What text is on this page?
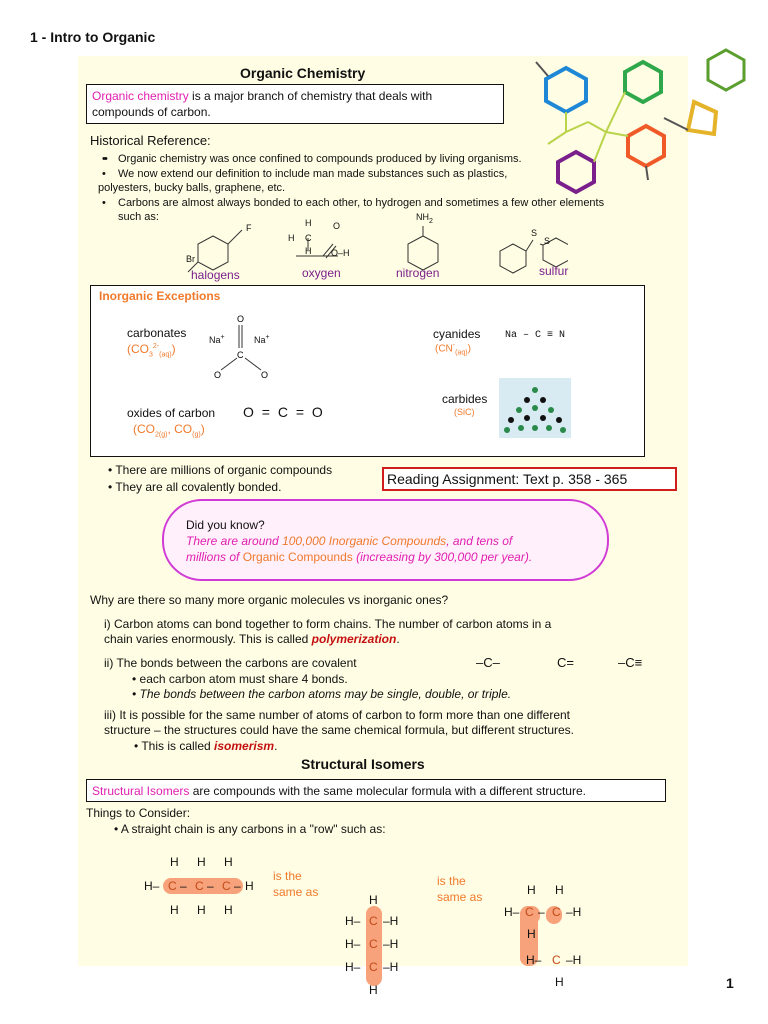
1 - Intro to Organic
1
Organic Chemistry
Organic chemistry is a major branch of chemistry that deals with
compounds of carbon.
Historical Reference:
Organic chemistry was once confined to compounds produced by living organisms.
We now extend our definition to include man made substances such as plastics,
polyesters, bucky balls, graphene, etc.
Carbons are almost always bonded to each other, to hydrogen and sometimes a few other elements
such as:
•
•
•
F
Br
H
H C
H
O
O–H
$NH_2$
S
S
halogens	oxygen	nitrogen	sulfur
Inorganic Exceptions
carbonates
$(CO_3^{2-}_{(aq)})$
O
C
O	O
Na+	Na+	cyanides
$(CN^-_{(aq)})$
Na – C ≡ N
carbides
(SiC)
oxides of carbon
($CO_{2(g)}$, $CO_{(g)}$)
O = C = O
• There are millions of organic compounds
• They are all covalently bonded.	Reading Assignment: Text p. 358 - 365
Did you know?
There are around 100,000 Inorganic Compounds, and tens of
millions of Organic Compounds (increasing by 300,000 per year).
Why are there so many more organic molecules vs inorganic ones?
i) Carbon atoms can bond together to form chains. The number of carbon atoms in a
chain varies enormously. This is called polymerization.
ii) The bonds between the carbons are covalent
• each carbon atom must share 4 bonds.
• The bonds between the carbon atoms may be single, double, or triple.
–C–	C=	–C≡
iii) It is possible for the same number of atoms of carbon to form more than one different
structure – the structures could have the same chemical formula, but different structures.
• This is called isomerism.
Structural Isomers
Structural Isomers are compounds with the same molecular formula with a different structure.
Things to Consider:
• A straight chain is any carbons in a "row" such as:
H H H
H– C – C – C – H
H H H
H
H– C –H
H– C –H
H– C –H
H
H H
H– C – C –H
H
H– C –H
H
is the
same as
is the
same as
